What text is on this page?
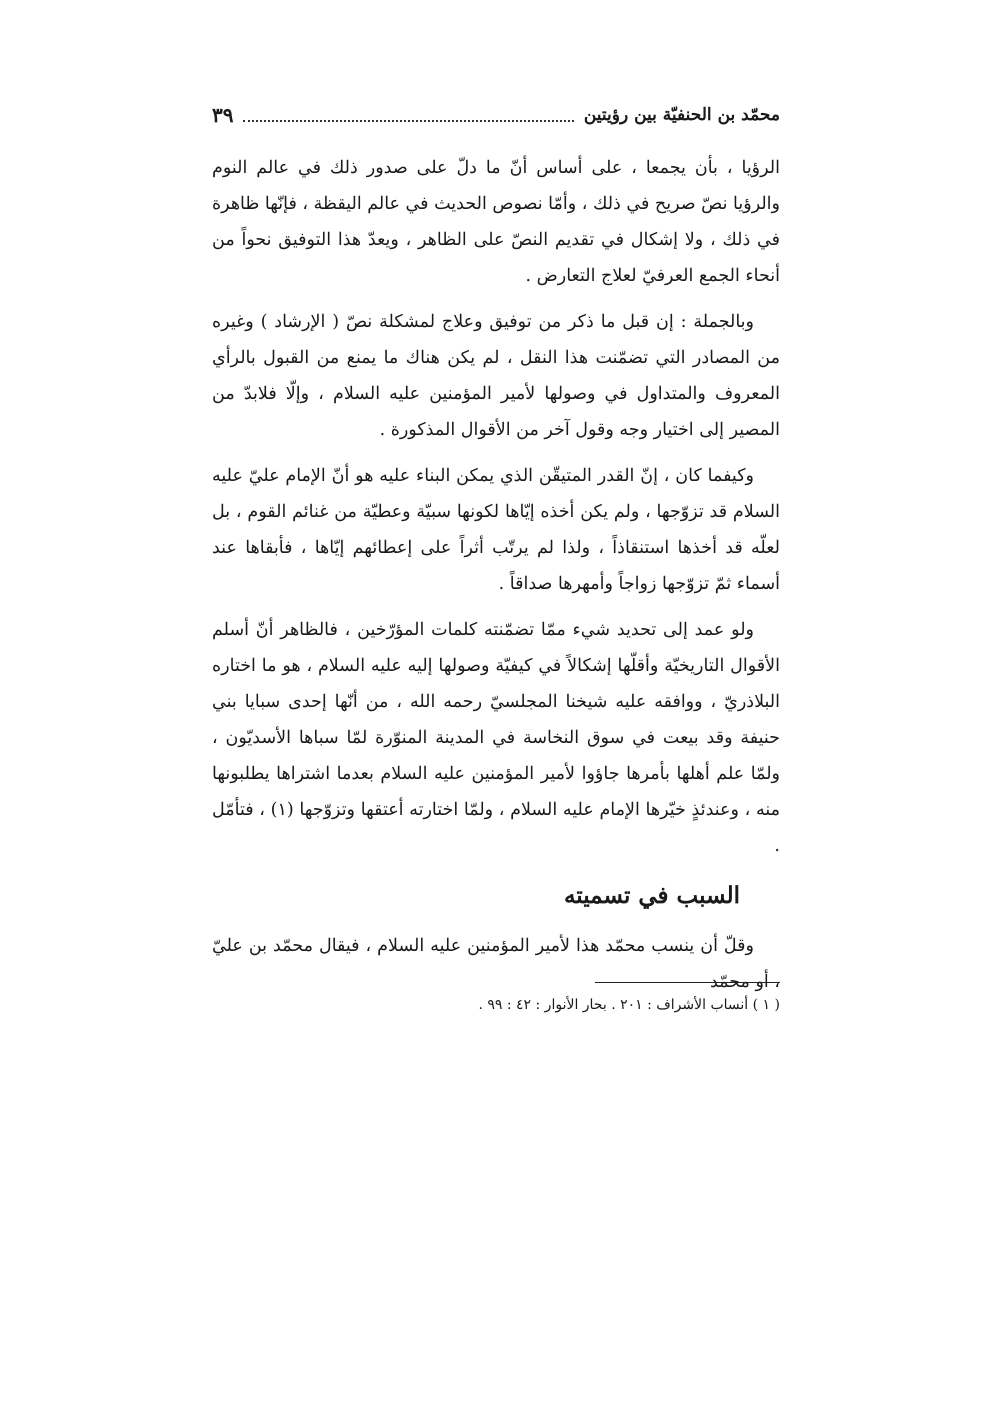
محمّد بن الحنفيّة بين رؤيتين
٣٩

الرؤيا ، بأن يجمعا ، على أساس أنّ ما دلّ على صدور ذلك في عالم النوم والرؤيا نصّ صريح في ذلك ، وأمّا نصوص الحديث في عالم اليقظة ، فإنّها ظاهرة في ذلك ، ولا إشكال في تقديم النصّ على الظاهر ، ويعدّ هذا التوفيق نحواً من أنحاء الجمع العرفيّ لعلاج التعارض .

وبالجملة : إن قبل ما ذكر من توفيق وعلاج لمشكلة نصّ ( الإرشاد ) وغيره من المصادر التي تضمّنت هذا النقل ، لم يكن هناك ما يمنع من القبول بالرأي المعروف والمتداول في وصولها لأمير المؤمنين عليه السلام ، وإلّا فلابدّ من المصير إلى اختيار وجه وقول آخر من الأقوال المذكورة .

وكيفما كان ، إنّ القدر المتيقّن الذي يمكن البناء عليه هو أنّ الإمام عليّ عليه السلام قد تزوّجها ، ولم يكن أخذه إيّاها لكونها سبيّة وعطيّة من غنائم القوم ، بل لعلّه قد أخذها استنقاذاً ، ولذا لم يرتّب أثراً على إعطائهم إيّاها ، فأبقاها عند أسماء ثمّ تزوّجها زواجاً وأمهرها صداقاً .

ولو عمد إلى تحديد شيء ممّا تضمّنته كلمات المؤرّخين ، فالظاهر أنّ أسلم الأقوال التاريخيّة وأقلّها إشكالاً في كيفيّة وصولها إليه عليه السلام ، هو ما اختاره البلاذريّ ، ووافقه عليه شيخنا المجلسيّ رحمه الله ، من أنّها إحدى سبايا بني حنيفة وقد بيعت في سوق النخاسة في المدينة المنوّرة لمّا سباها الأسديّون ، ولمّا علم أهلها بأمرها جاؤوا لأمير المؤمنين عليه السلام بعدما اشتراها يطلبونها منه ، وعندئذٍ خيّرها الإمام عليه السلام ، ولمّا اختارته أعتقها وتزوّجها (١) ، فتأمّل .

السبب في تسميته

وقلّ أن ينسب محمّد هذا لأمير المؤمنين عليه السلام ، فيقال محمّد بن عليّ ، أو محمّد

( ١ ) أنساب الأشراف : ٢٠١ . بحار الأنوار : ٤٢ : ٩٩ .
